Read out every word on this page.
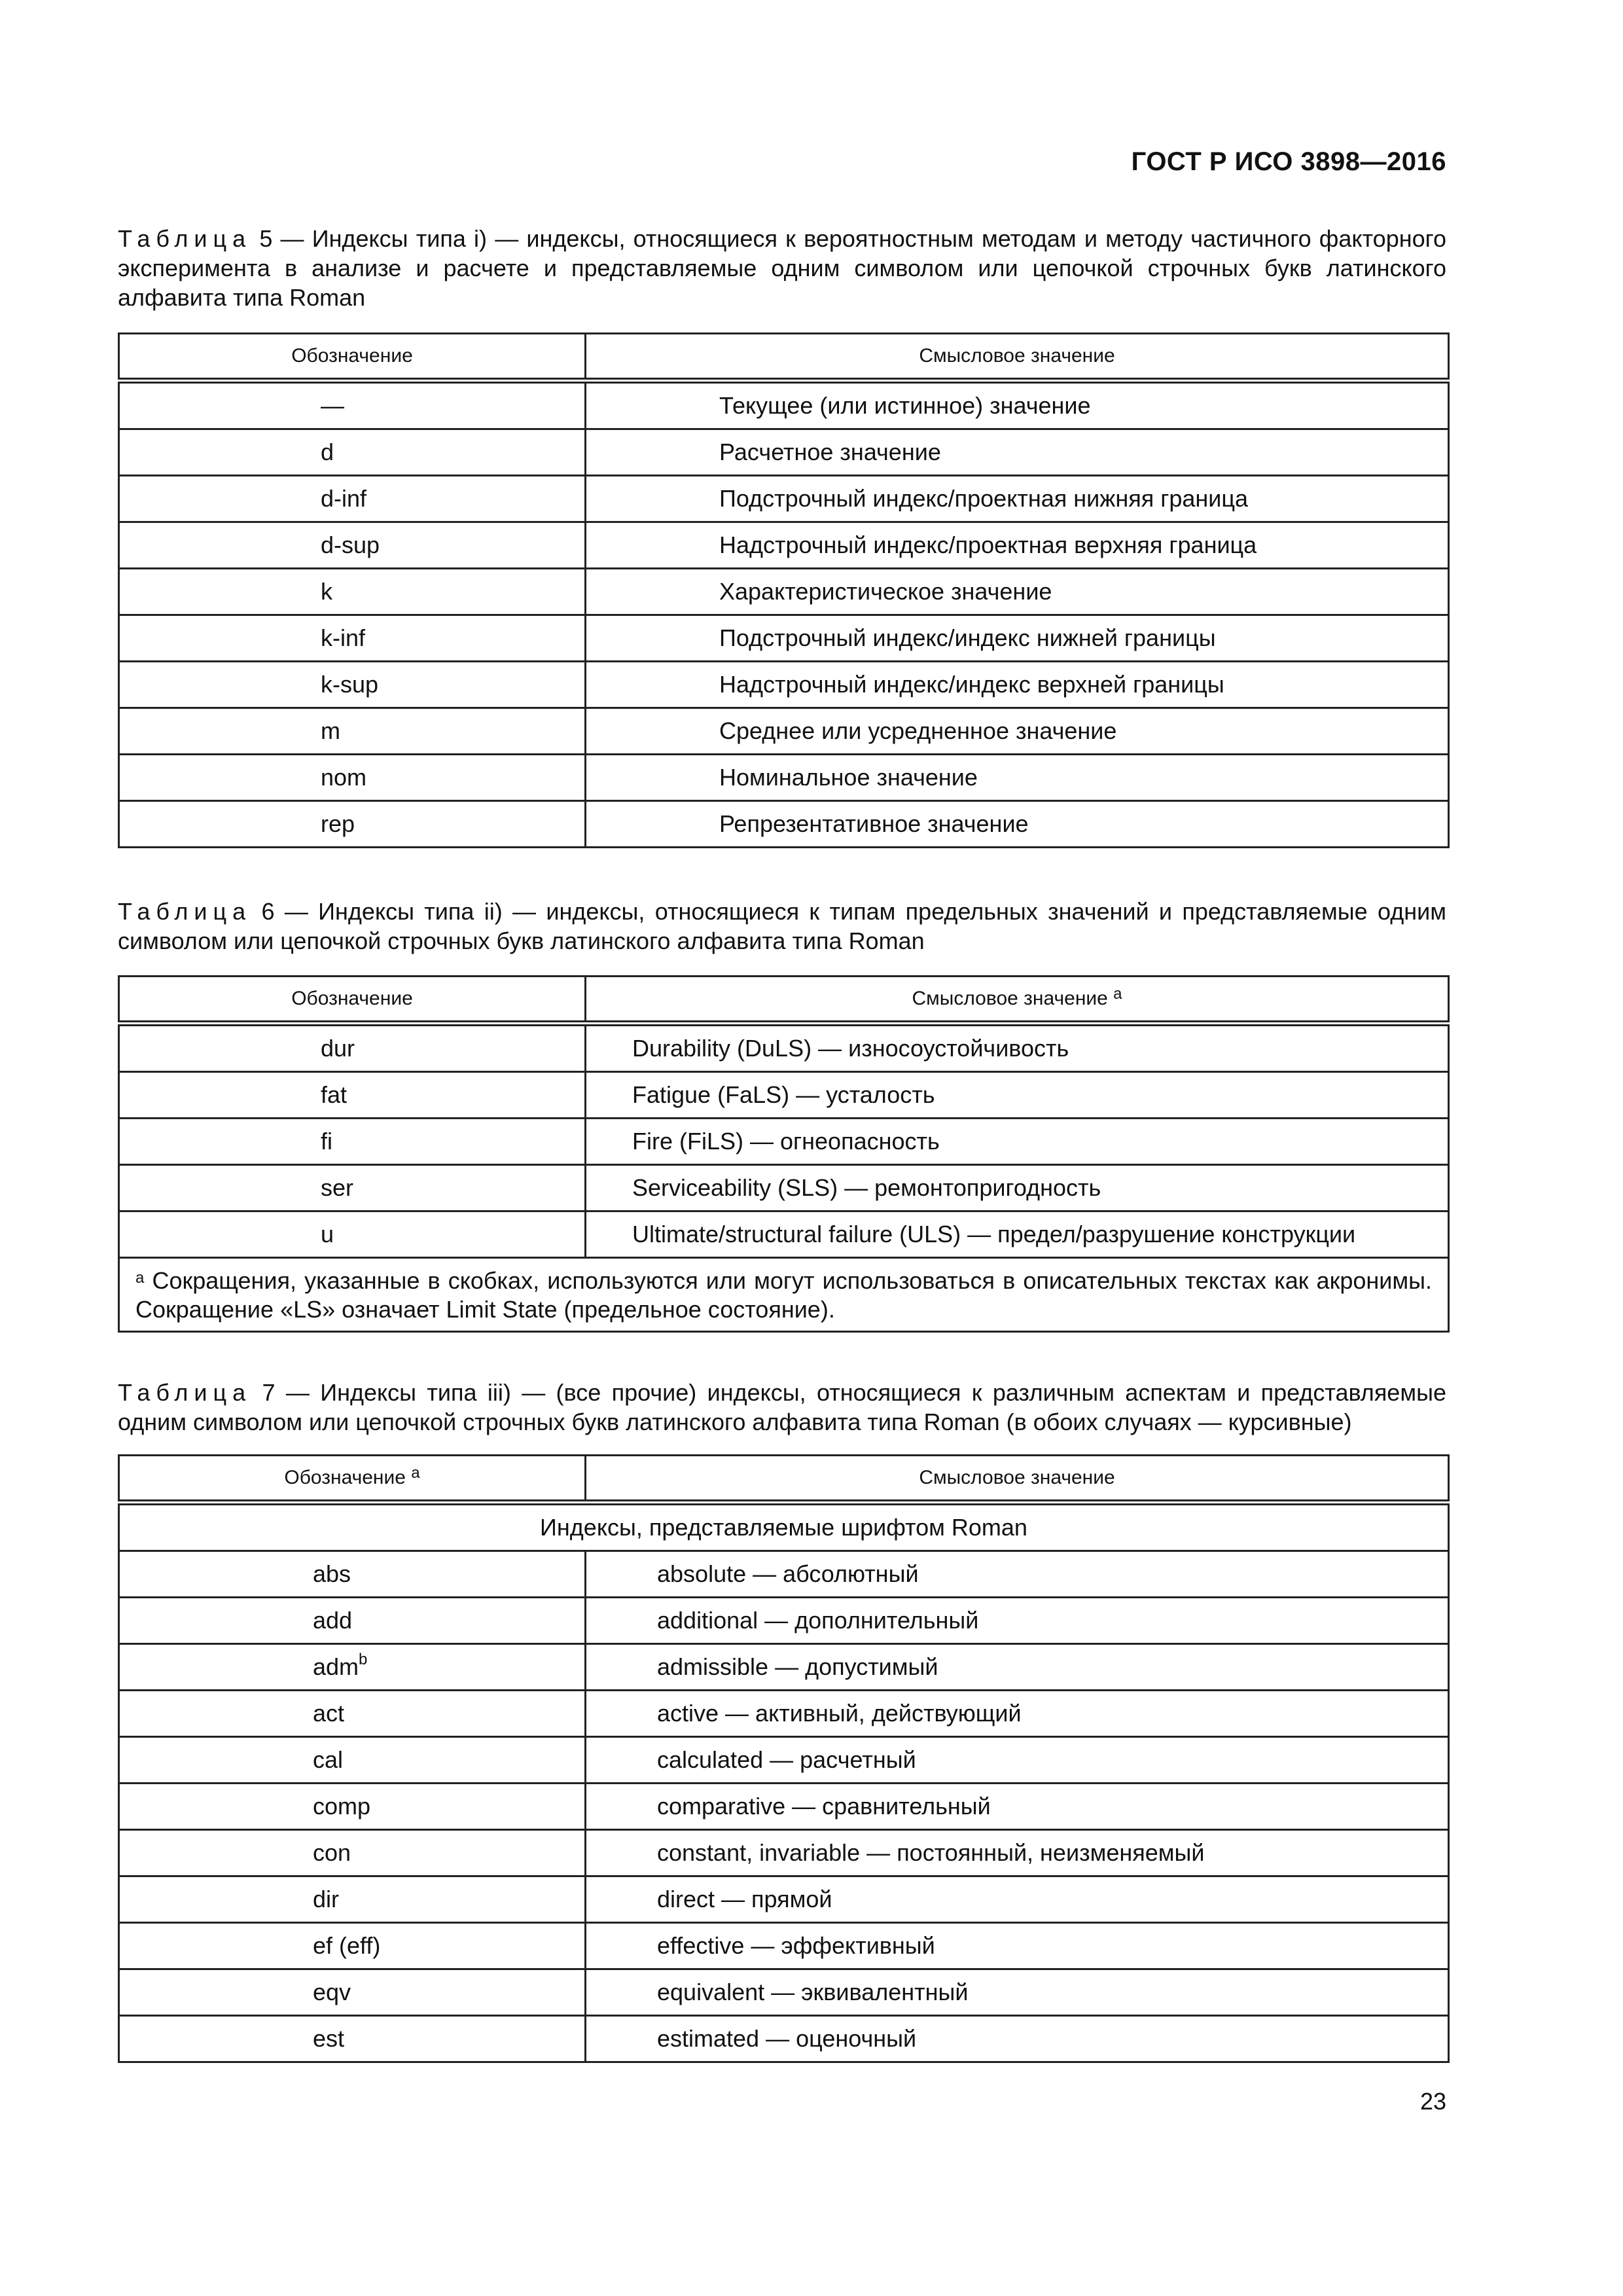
ГОСТ Р ИСО 3898—2016
Таблица 5 — Индексы типа i) — индексы, относящиеся к вероятностным методам и методу частичного факторного эксперимента в анализе и расчете и представляемые одним символом или цепочкой строчных букв латинского алфавита типа Roman
Обозначение	Смысловое значение
—	Текущее (или истинное) значение
d	Расчетное значение
d-inf	Подстрочный индекс/проектная нижняя граница
d-sup	Надстрочный индекс/проектная верхняя граница
k	Характеристическое значение
k-inf	Подстрочный индекс/индекс нижней границы
k-sup	Надстрочный индекс/индекс верхней границы
m	Среднее или усредненное значение
nom	Номинальное значение
rep	Репрезентативное значение
Таблица 6 — Индексы типа ii) — индексы, относящиеся к типам предельных значений и представляемые одним символом или цепочкой строчных букв латинского алфавита типа Roman
Обозначение	Смысловое значение $^a$
dur	Durability (DuLS) — износоустойчивость
fat	Fatigue (FaLS) — усталость
fi	Fire (FiLS) — огнеопасность
ser	Serviceability (SLS) — ремонтопригодность
u	Ultimate/structural failure (ULS) — предел/разрушение конструкции
$^a$ Сокращения, указанные в скобках, используются или могут использоваться в описательных текстах как акронимы. Сокращение «LS» означает Limit State (предельное состояние).	
Таблица 7 — Индексы типа iii) — (все прочие) индексы, относящиеся к различным аспектам и представляемые одним символом или цепочкой строчных букв латинского алфавита типа Roman (в обоих случаях — курсивные)
Обозначение $^a$	Смысловое значение
Индексы, представляемые шрифтом Roman	
abs	absolute — абсолютный
add	additional — дополнительный
adm$^b$	admissible — допустимый
act	active — активный, действующий
cal	calculated — расчетный
comp	comparative — сравнительный
con	constant, invariable — постоянный, неизменяемый
dir	direct — прямой
ef (eff)	effective — эффективный
eqv	equivalent — эквивалентный
est	estimated — оценочный
23
